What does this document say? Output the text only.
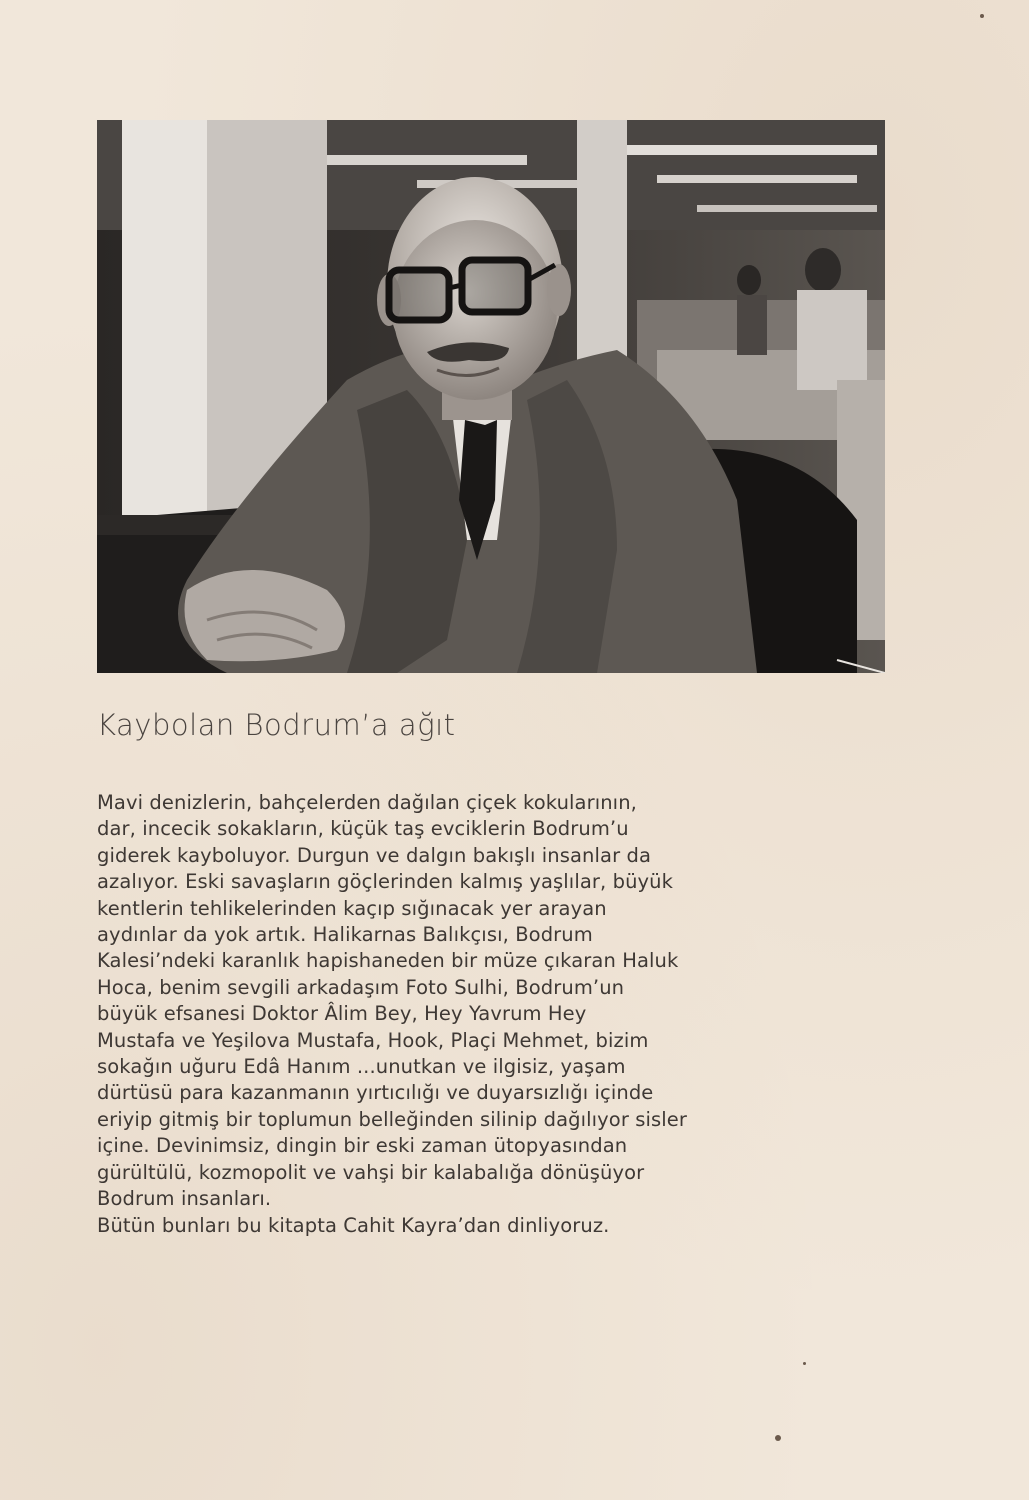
Kaybolan Bodrum’a ağıt
Mavi denizlerin, bahçelerden dağılan çiçek kokularının,
dar, incecik sokakların, küçük taş evciklerin Bodrum’u
giderek kayboluyor. Durgun ve dalgın bakışlı insanlar da
azalıyor. Eski savaşların göçlerinden kalmış yaşlılar, büyük
kentlerin tehlikelerinden kaçıp sığınacak yer arayan
aydınlar da yok artık. Halikarnas Balıkçısı, Bodrum
Kalesi’ndeki karanlık hapishaneden bir müze çıkaran Haluk
Hoca, benim sevgili arkadaşım Foto Sulhi, Bodrum’un
büyük efsanesi Doktor Âlim Bey, Hey Yavrum Hey
Mustafa ve Yeşilova Mustafa, Hook, Plaçi Mehmet, bizim
sokağın uğuru Edâ Hanım ...unutkan ve ilgisiz, yaşam
dürtüsü para kazanmanın yırtıcılığı ve duyarsızlığı içinde
eriyip gitmiş bir toplumun belleğinden silinip dağılıyor sisler
içine. Devinimsiz, dingin bir eski zaman ütopyasından
gürültülü, kozmopolit ve vahşi bir kalabalığa dönüşüyor
Bodrum insanları.
Bütün bunları bu kitapta Cahit Kayra’dan dinliyoruz.
